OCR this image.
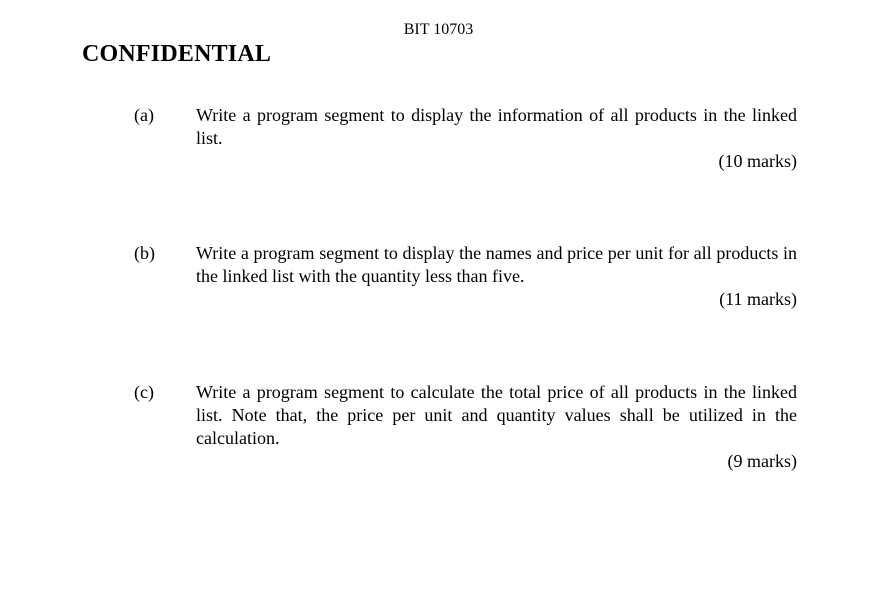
BIT 10703
CONFIDENTIAL
(a) Write a program segment to display the information of all products in the linked list.
(10 marks)
(b) Write a program segment to display the names and price per unit for all products in the linked list with the quantity less than five.
(11 marks)
(c) Write a program segment to calculate the total price of all products in the linked list. Note that, the price per unit and quantity values shall be utilized in the calculation.
(9 marks)
